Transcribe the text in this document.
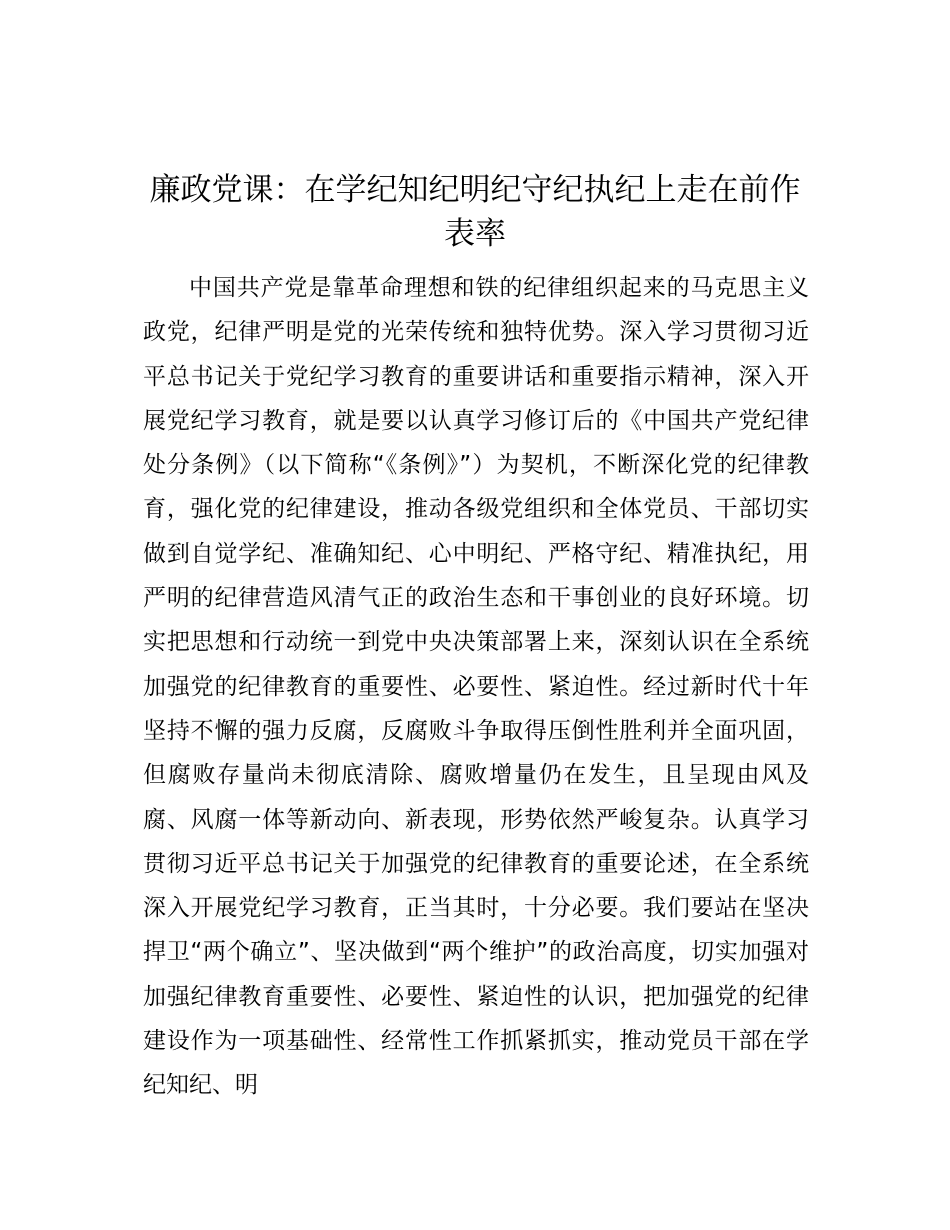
廉政党课：在学纪知纪明纪守纪执纪上走在前作表率

中国共产党是靠革命理想和铁的纪律组织起来的马克思主义政党，纪律严明是党的光荣传统和独特优势。深入学习贯彻习近平总书记关于党纪学习教育的重要讲话和重要指示精神，深入开展党纪学习教育，就是要以认真学习修订后的《中国共产党纪律处分条例》（以下简称“《条例》”）为契机，不断深化党的纪律教育，强化党的纪律建设，推动各级党组织和全体党员、干部切实做到自觉学纪、准确知纪、心中明纪、严格守纪、精准执纪，用严明的纪律营造风清气正的政治生态和干事创业的良好环境。切实把思想和行动统一到党中央决策部署上来，深刻认识在全系统加强党的纪律教育的重要性、必要性、紧迫性。经过新时代十年坚持不懈的强力反腐，反腐败斗争取得压倒性胜利并全面巩固，但腐败存量尚未彻底清除、腐败增量仍在发生，且呈现由风及腐、风腐一体等新动向、新表现，形势依然严峻复杂。认真学习贯彻习近平总书记关于加强党的纪律教育的重要论述，在全系统深入开展党纪学习教育，正当其时，十分必要。我们要站在坚决捍卫“两个确立”、坚决做到“两个维护”的政治高度，切实加强对加强纪律教育重要性、必要性、紧迫性的认识，把加强党的纪律建设作为一项基础性、经常性工作抓紧抓实，推动党员干部在学纪知纪、明
